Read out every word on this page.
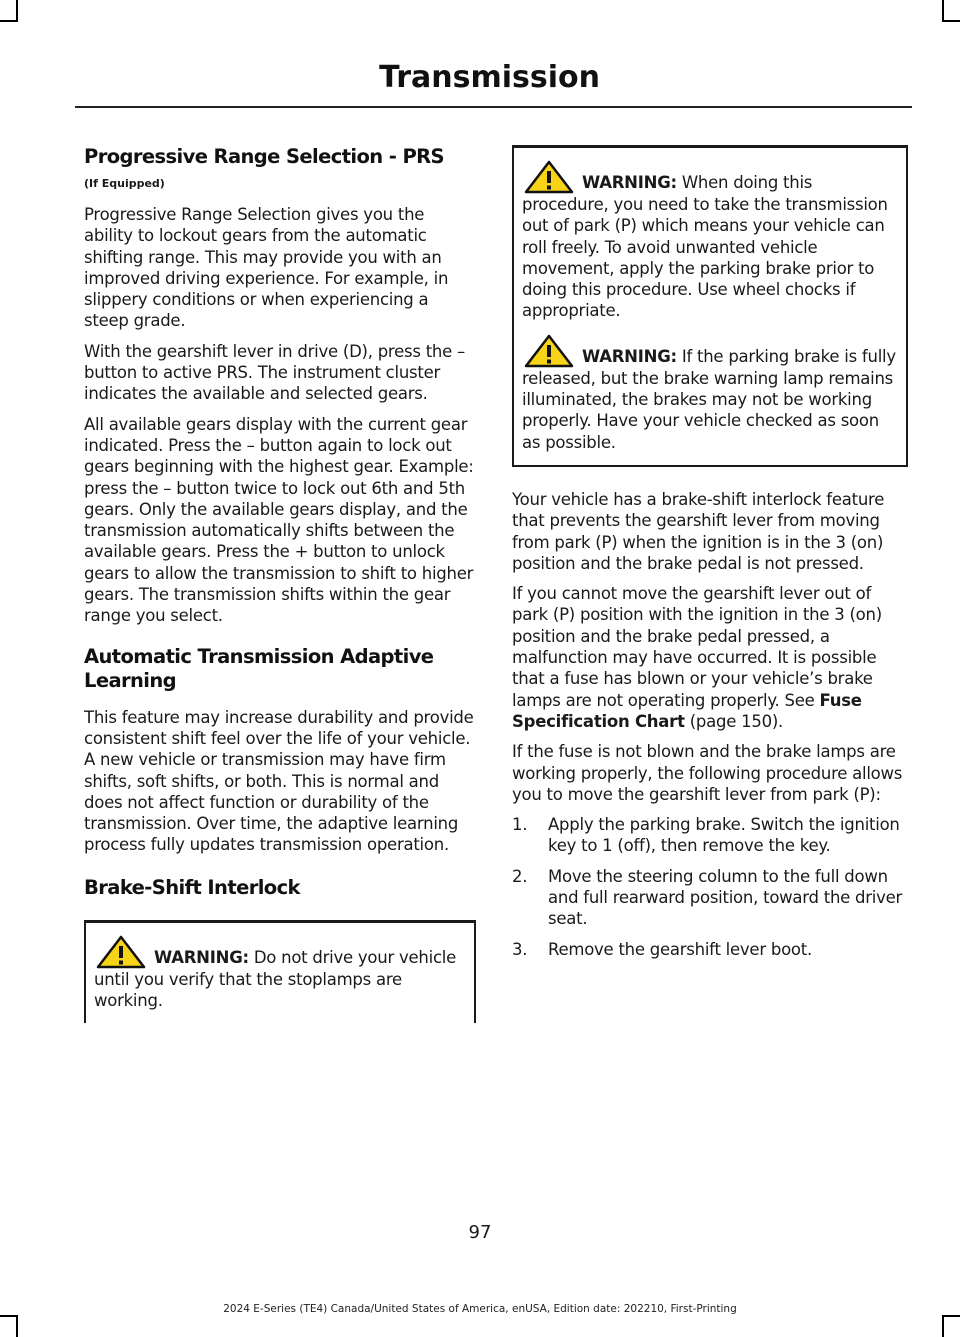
Transmission
Progressive Range Selection - PRS
(If Equipped)

Progressive Range Selection gives you the ability to lockout gears from the automatic shifting range. This may provide you with an improved driving experience. For example, in slippery conditions or when experiencing a steep grade.

With the gearshift lever in drive (D), press the – button to active PRS. The instrument cluster indicates the available and selected gears.

All available gears display with the current gear indicated. Press the – button again to lock out gears beginning with the highest gear. Example: press the – button twice to lock out 6th and 5th gears. Only the available gears display, and the transmission automatically shifts between the available gears. Press the + button to unlock gears to allow the transmission to shift to higher gears. The transmission shifts within the gear range you select.

Automatic Transmission Adaptive Learning

This feature may increase durability and provide consistent shift feel over the life of your vehicle. A new vehicle or transmission may have firm shifts, soft shifts, or both. This is normal and does not affect function or durability of the transmission. Over time, the adaptive learning process fully updates transmission operation.

Brake-Shift Interlock

WARNING: Do not drive your vehicle until you verify that the stoplamps are working.

WARNING: When doing this procedure, you need to take the transmission out of park (P) which means your vehicle can roll freely. To avoid unwanted vehicle movement, apply the parking brake prior to doing this procedure. Use wheel chocks if appropriate.

WARNING: If the parking brake is fully released, but the brake warning lamp remains illuminated, the brakes may not be working properly. Have your vehicle checked as soon as possible.

Your vehicle has a brake-shift interlock feature that prevents the gearshift lever from moving from park (P) when the ignition is in the 3 (on) position and the brake pedal is not pressed.

If you cannot move the gearshift lever out of park (P) position with the ignition in the 3 (on) position and the brake pedal pressed, a malfunction may have occurred. It is possible that a fuse has blown or your vehicle’s brake lamps are not operating properly. See Fuse Specification Chart (page 150).

If the fuse is not blown and the brake lamps are working properly, the following procedure allows you to move the gearshift lever from park (P):

1. Apply the parking brake. Switch the ignition key to 1 (off), then remove the key.
2. Move the steering column to the full down and full rearward position, toward the driver seat.
3. Remove the gearshift lever boot.
97
2024 E-Series (TE4) Canada/United States of America, enUSA, Edition date: 202210, First-Printing
